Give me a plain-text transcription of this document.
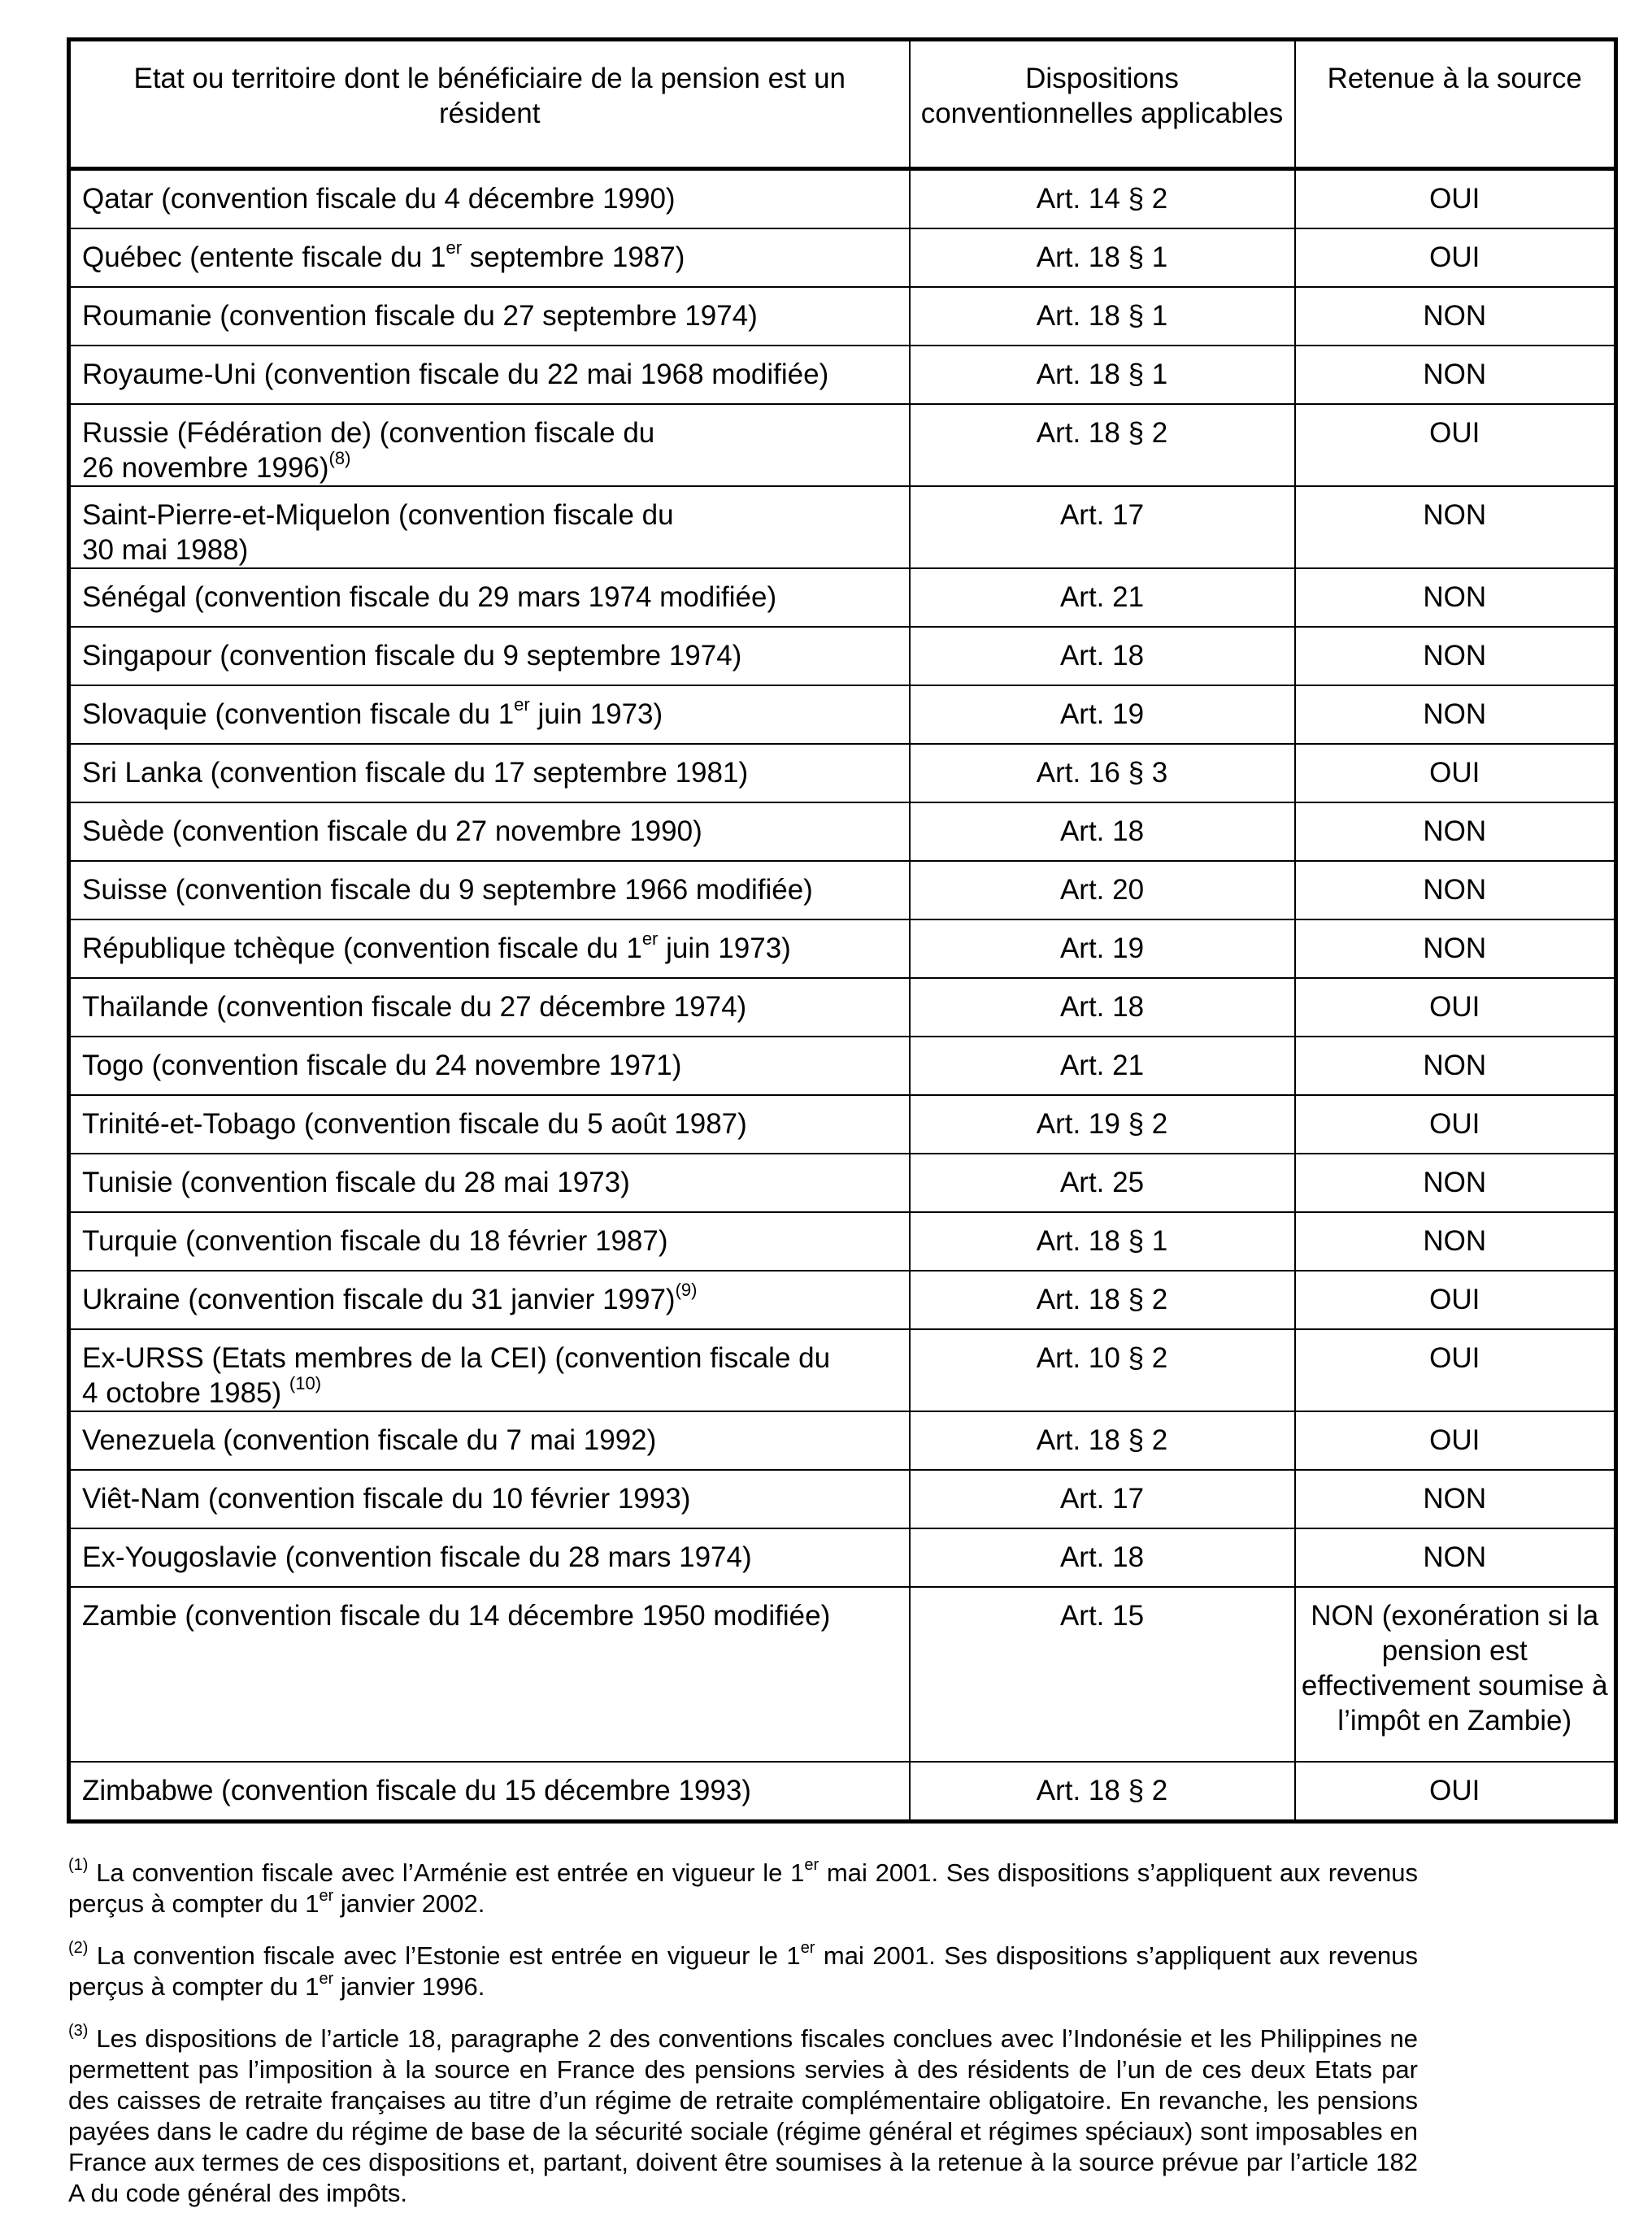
Etat ou territoire dont le bénéficiaire de la pension est un résident	Dispositions conventionnelles applicables	Retenue à la source
Qatar (convention fiscale du 4 décembre 1990)	Art. 14 § 2	OUI
Québec (entente fiscale du 1er septembre 1987)	Art. 18 § 1	OUI
Roumanie (convention fiscale du 27 septembre 1974)	Art. 18 § 1	NON
Royaume-Uni (convention fiscale du 22 mai 1968 modifiée)	Art. 18 § 1	NON
Russie (Fédération de) (convention fiscale du
26 novembre 1996)$^{(8)}$	Art. 18 § 2	OUI
Saint-Pierre-et-Miquelon (convention fiscale du
30 mai 1988)	Art. 17	NON
Sénégal (convention fiscale du 29 mars 1974 modifiée)	Art. 21	NON
Singapour (convention fiscale du 9 septembre 1974)	Art. 18	NON
Slovaquie (convention fiscale du 1er juin 1973)	Art. 19	NON
Sri Lanka (convention fiscale du 17 septembre 1981)	Art. 16 § 3	OUI
Suède (convention fiscale du 27 novembre 1990)	Art. 18	NON
Suisse (convention fiscale du 9 septembre 1966 modifiée)	Art. 20	NON
République tchèque (convention fiscale du 1er juin 1973)	Art. 19	NON
Thaïlande (convention fiscale du 27 décembre 1974)	Art. 18	OUI
Togo (convention fiscale du 24 novembre 1971)	Art. 21	NON
Trinité-et-Tobago (convention fiscale du 5 août 1987)	Art. 19 § 2	OUI
Tunisie (convention fiscale du 28 mai 1973)	Art. 25	NON
Turquie (convention fiscale du 18 février 1987)	Art. 18 § 1	NON
Ukraine (convention fiscale du 31 janvier 1997)$^{(9)}$	Art. 18 § 2	OUI
Ex-URSS (Etats membres de la CEI) (convention fiscale du
4 octobre 1985) $^{(10)}$	Art. 10 § 2	OUI
Venezuela (convention fiscale du 7 mai 1992)	Art. 18 § 2	OUI
Viêt-Nam (convention fiscale du 10 février 1993)	Art. 17	NON
Ex-Yougoslavie (convention fiscale du 28 mars 1974)	Art. 18	NON
Zambie (convention fiscale du 14 décembre 1950 modifiée)	Art. 15	NON (exonération si la pension est effectivement soumise à l’impôt en Zambie)
Zimbabwe (convention fiscale du 15 décembre 1993)	Art. 18 § 2	OUI

$^{(1)}$ La convention fiscale avec l’Arménie est entrée en vigueur le 1er mai 2001. Ses dispositions s’appliquent aux revenus perçus à compter du 1er janvier 2002.

$^{(2)}$ La convention fiscale avec l’Estonie est entrée en vigueur le 1er mai 2001. Ses dispositions s’appliquent aux revenus perçus à compter du 1er janvier 1996.

$^{(3)}$ Les dispositions de l’article 18, paragraphe 2 des conventions fiscales conclues avec l’Indonésie et les Philippines ne permettent pas l’imposition à la source en France des pensions servies à des résidents de l’un de ces deux Etats par des caisses de retraite françaises au titre d’un régime de retraite complémentaire obligatoire. En revanche, les pensions payées dans le cadre du régime de base de la sécurité sociale (régime général et régimes spéciaux) sont imposables en France aux termes de ces dispositions et, partant, doivent être soumises à la retenue à la source prévue par l’article 182 A du code général des impôts.
